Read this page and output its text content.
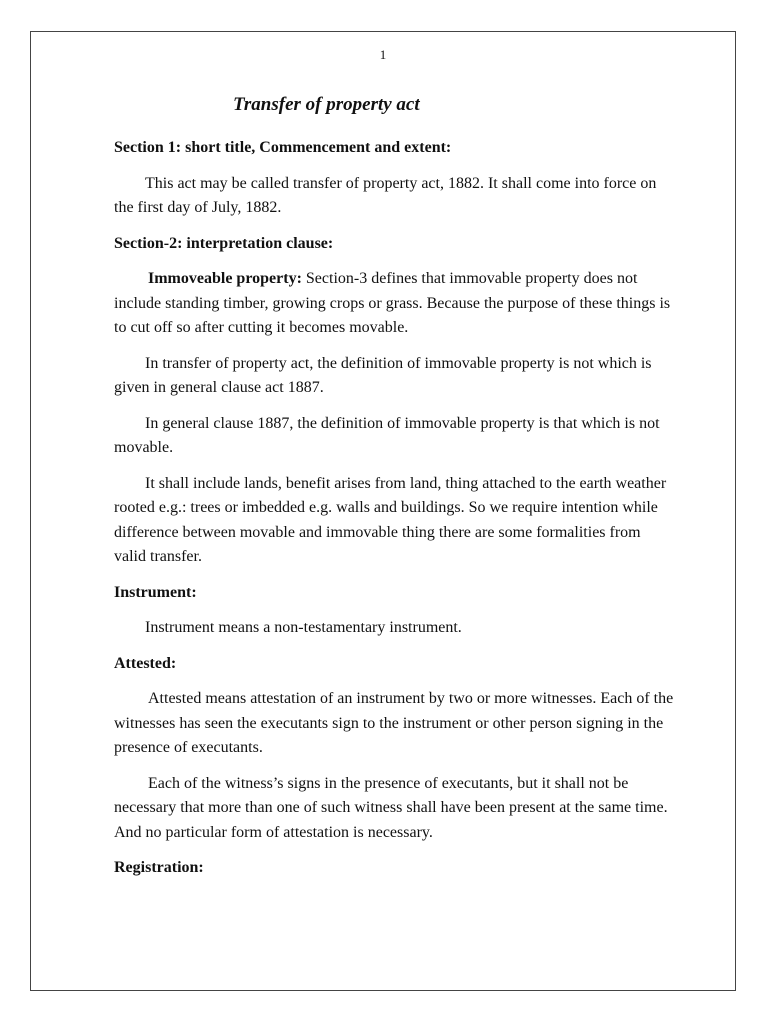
1
Transfer of property act

Section 1: short title, Commencement and extent:

This act may be called transfer of property act, 1882. It shall come into force on the first day of July, 1882.

Section-2: interpretation clause:

Immoveable property: Section-3 defines that immovable property does not include standing timber, growing crops or grass. Because the purpose of these things is to cut off so after cutting it becomes movable.

In transfer of property act, the definition of immovable property is not which is given in general clause act 1887.

In general clause 1887, the definition of immovable property is that which is not movable.

It shall include lands, benefit arises from land, thing attached to the earth weather rooted e.g.: trees or imbedded e.g. walls and buildings. So we require intention while difference between movable and immovable thing there are some formalities from valid transfer.

Instrument:

Instrument means a non-testamentary instrument.

Attested:

Attested means attestation of an instrument by two or more witnesses. Each of the witnesses has seen the executants sign to the instrument or other person signing in the presence of executants.

Each of the witness’s signs in the presence of executants, but it shall not be necessary that more than one of such witness shall have been present at the same time. And no particular form of attestation is necessary.

Registration:
